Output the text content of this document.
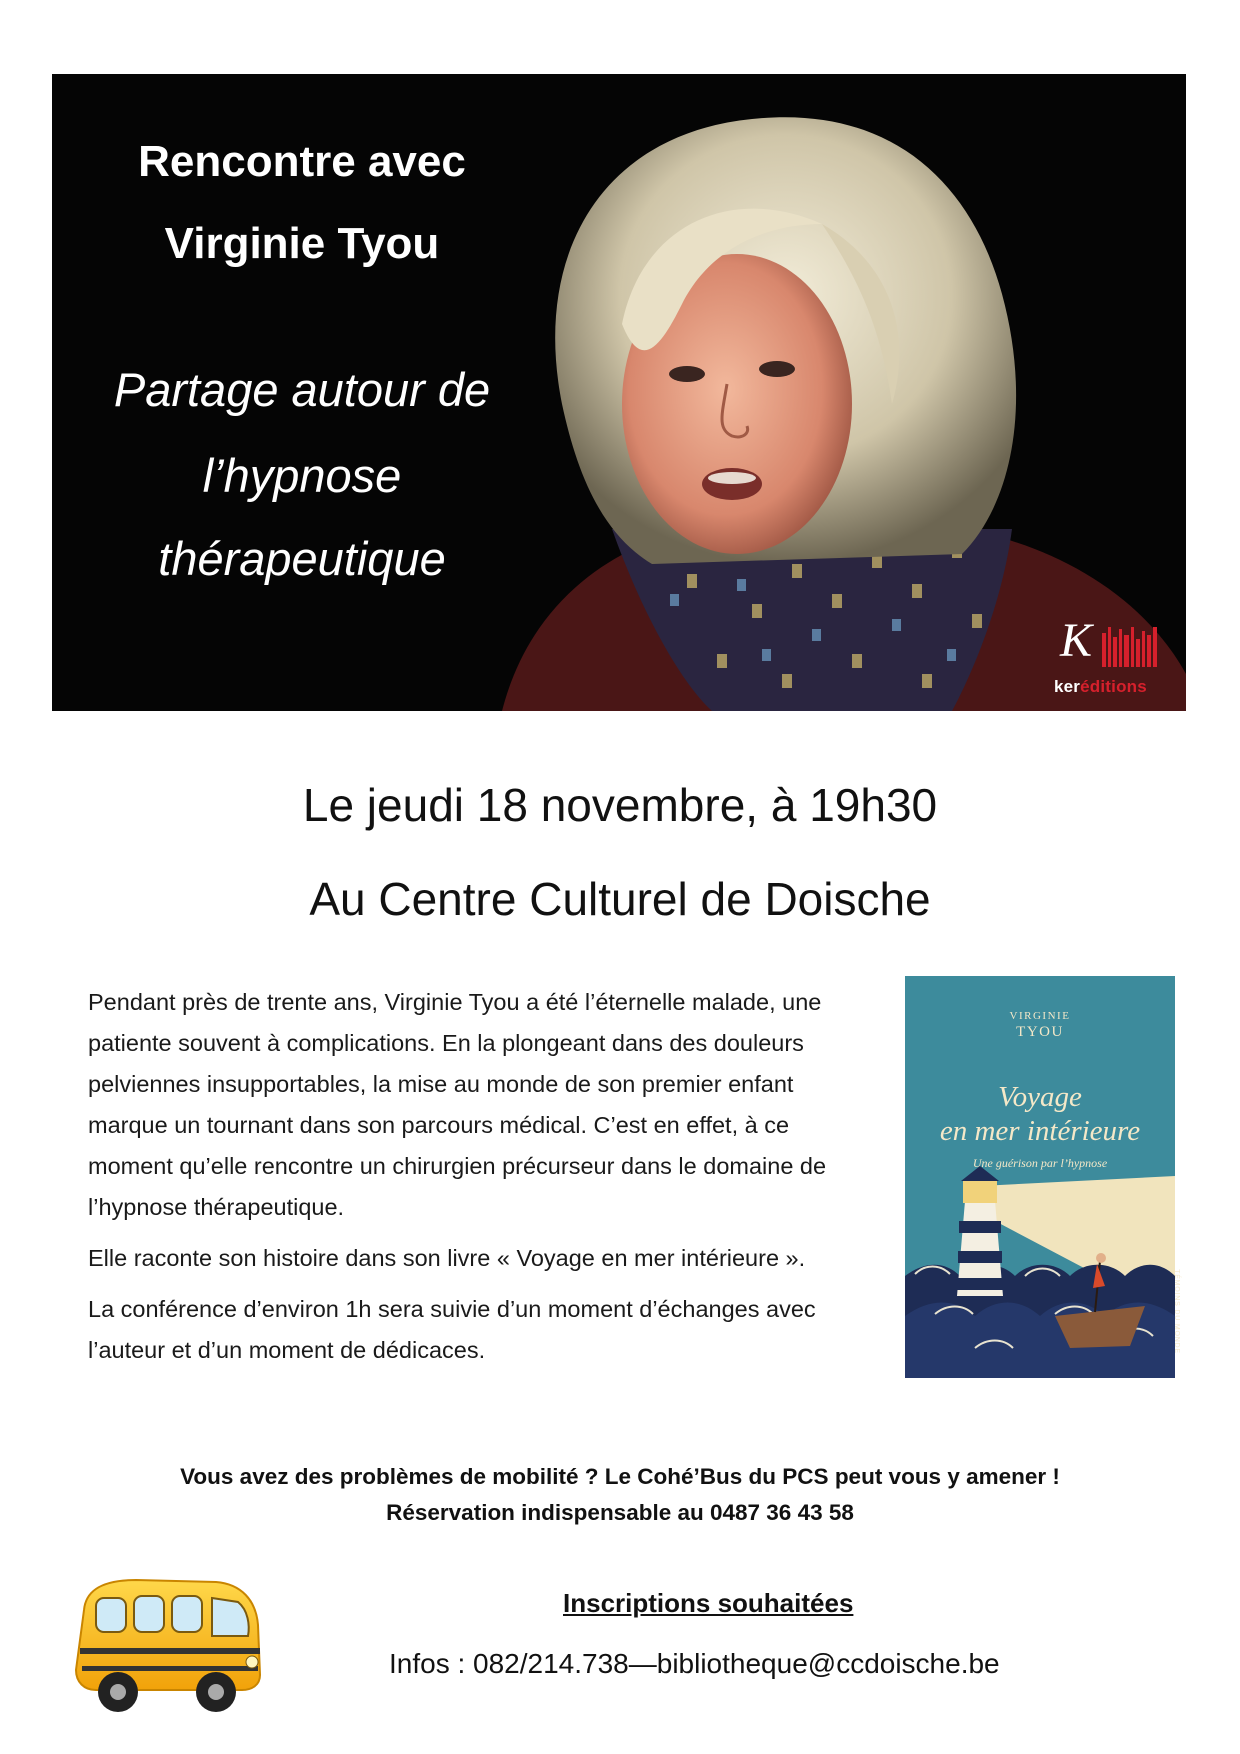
Rencontre avec

Virginie Tyou

Partage autour de

l’hypnose

thérapeutique

K
keréditions

Le jeudi 18 novembre, à 19h30

Au Centre Culturel de Doische

Pendant près de trente ans, Virginie Tyou a été l’éternelle malade, une patiente souvent à complications. En la plongeant dans des douleurs pelviennes insupportables, la mise au monde de son premier enfant marque un tournant dans son parcours médical. C’est en effet, à ce moment qu’elle rencontre un chirurgien précurseur dans le domaine de l’hypnose thérapeutique.

Elle raconte son histoire dans son livre « Voyage en mer intérieure ».

La conférence d’environ 1h sera suivie d’un moment d’échanges avec l’auteur et d’un moment de dédicaces.

VIRGINIE

TYOU

Voyage

en mer intérieure

Une guérison par l’hypnose

TÉMOINS DU MONDE

Vous avez des problèmes de mobilité ? Le Cohé’Bus du PCS peut vous y amener !

Réservation indispensable au 0487 36 43 58

Inscriptions souhaitées

Infos : 082/214.738—bibliotheque@ccdoische.be
